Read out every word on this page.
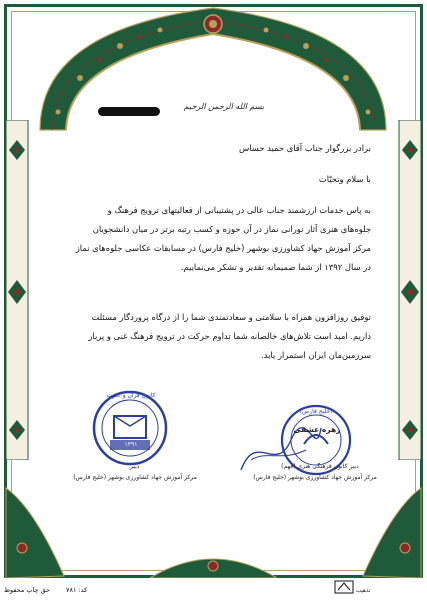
بسم الله الرحمن الرحیم
برادر بزرگوار جناب آقای حمید حساس
با سلام وتحیّات
به پاس خدمات ارزشمند جناب عالی در پشتیبانی از فعالیتهای ترویج فرهنگ و
جلوه‌های هنری آثار نورانی نماز در آن حوزه و کسب رتبه برتر در میان دانشجویان
مرکز آموزش جهاد کشاورزی بوشهر (خلیج فارس) در مسابقات عکاسی جلوه‌های نماز
در سال ۱۳۹۲ از شما صمیمانه تقدیر و تشکر می‌نماییم.
توفیق روزافزون همراه با سلامتی و سعادتمندی شما را از درگاه پروردگار مسئلت
داریم. امید است تلاش‌های خالصانه شما تداوم حرکت در ترویج فرهنگ غنی و پربار
سرزمین‌مان ایران استمرار یابد.
کانون قرآن و عترت
۱۳۹۱
دبیر
مرکز آموزش جهاد کشاورزی بوشهر (خلیج فارس)
(خلیج فارس)
زهره عشقی
دبیر کانون فرهنگی هنری (فهم)
مرکز آموزش جهاد کشاورزی بوشهر (خلیج فارس)
حق چاپ محفوظ کد: ۷۸۱	تذهیب
